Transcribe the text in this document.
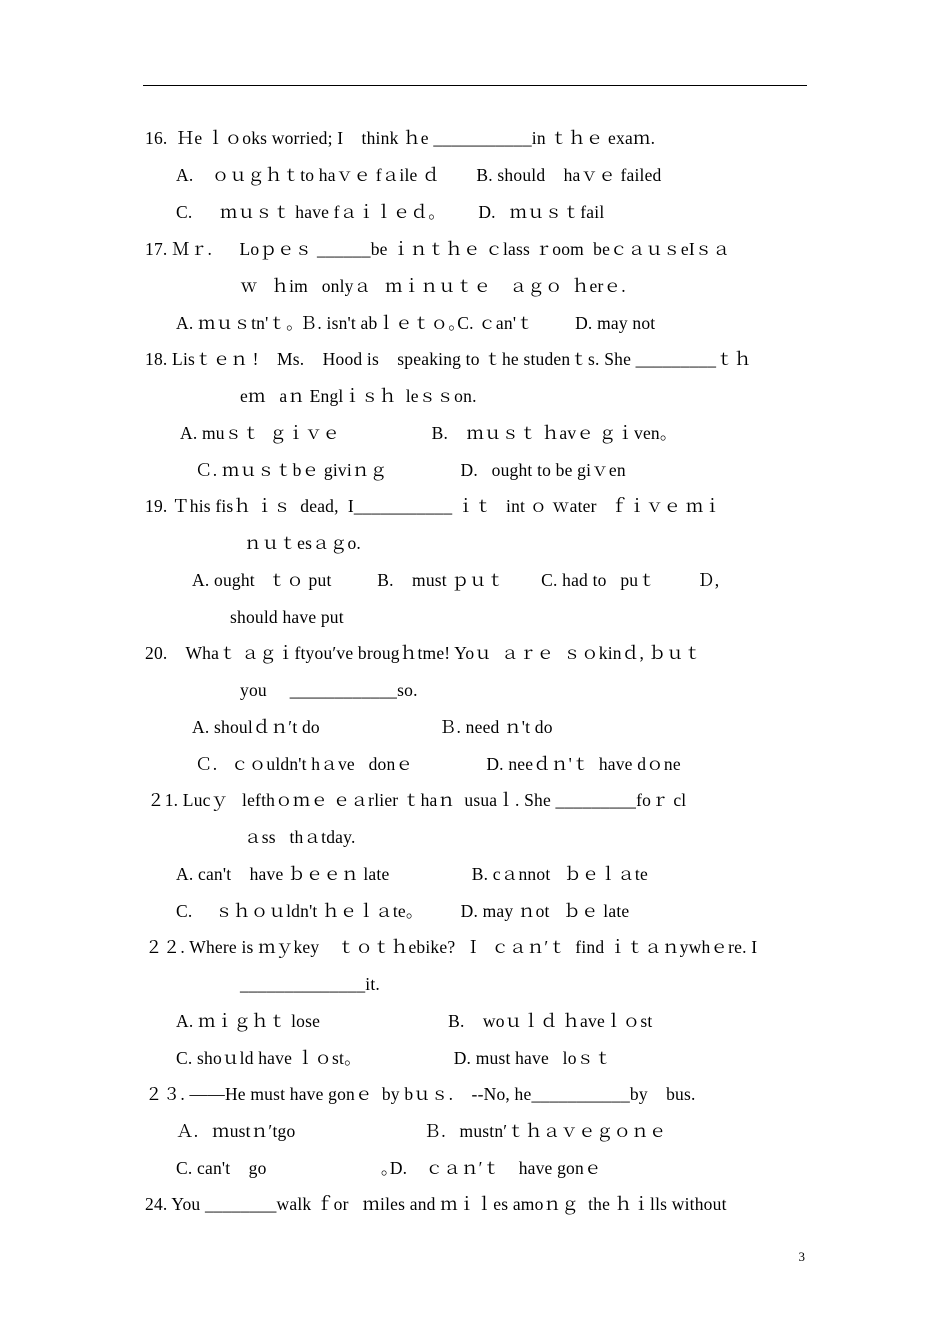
16.  Ｈe ｌｏoks worried; I    think ｈe ___________in ｔｈｅ exaｍ.
A.    ｏｕｇｈｔto haｖｅ fａile ｄ        B. should    haｖｅ failed
C.      ｍｕｓｔ have fａｉｌｅｄ｡         D.   ｍｕｓｔfail
17. Ｍｒ.      Loｐｅｓ ______be ｉｎｔｈｅ ｃlass ｒoom  beｃａｕｓeIｓａ
ｗ   ｈim   onlyａ   ｍｉｎｕｔｅ    ａｇｏ  ｈerｅ.
A. ｍｕｓtn'ｔ｡ Ｂ. isn't abｌｅｔｏ｡C. ｃan'ｔ         D. may not
18. Lisｔｅｎ !    Ms.    Hood is    speaking to ｔhe studenｔs. She _________ｔｈ
eｍ   aｎ Englｉｓｈ  leｓｓon.
A. muｓｔ  ｇｉｖｅ                    B.    ｍｕｓｔ ｈavｅ ｇｉven｡
Ｃ. ｍｕｓｔbｅ giviｎｇ                D.   ought to be giｖen
19. Ｔhis fisｈ ｉｓ  dead,  I___________ ｉｔ   int ｏ ｗater   ｆｉｖｅ ｍｉ
ｎｕｔesａｇo.
A. ought   ｔｏ put          B.    must ｐｕｔ        C. had to   puｔ         Ｄ,
should have put
20.    Whaｔ ａｇｉftyou′ve brougｈtme! Yoｕ  ａｒｅ  ｓｏkinｄ, ｂｕｔ
you     ____________so.
A. shoulｄｎ′t do                          Ｂ. need ｎ't do
Ｃ.   ｃｏuldn't hａve   donｅ                D. neeｄｎ'ｔ  have dｏne
２1. Lucｙ   lefthｏｍｅ ｅａrlier ｔhaｎ  usuaｌ. She _________foｒ cl
ａss   thａtday.
A. can't    have ｂｅｅｎ late                  B. cａnnot   ｂｅｌａte
C.     ｓｈｏｕldn't ｈｅｌａte｡          D. may ｎot   ｂｅ late
２２. Where is ｍｙkey    ｔｏｔｈebike?  Ｉ  ｃａｎ′ｔ  find ｉｔａｎywhｅre. I
______________it.
A. ｍｉｇｈｔ lose                            B.    woｕｌｄ ｈaveｌｏst
C. shoｕld have ｌｏst｡                      D. must have   loｓｔ
２３. ——He must have gonｅ  by bｕｓ.    --No, he___________by    bus.
Ａ.   ｍustｎ′tgo                            Ｂ.   mustn′ｔｈａｖｅｇｏｎｅ
C. can't    go                         ｡D.    ｃａｎ′ｔ    have gonｅ
24. You ________walk ｆor   ｍiles and ｍｉｌes amoｎｇ  the ｈｉlls without
3
